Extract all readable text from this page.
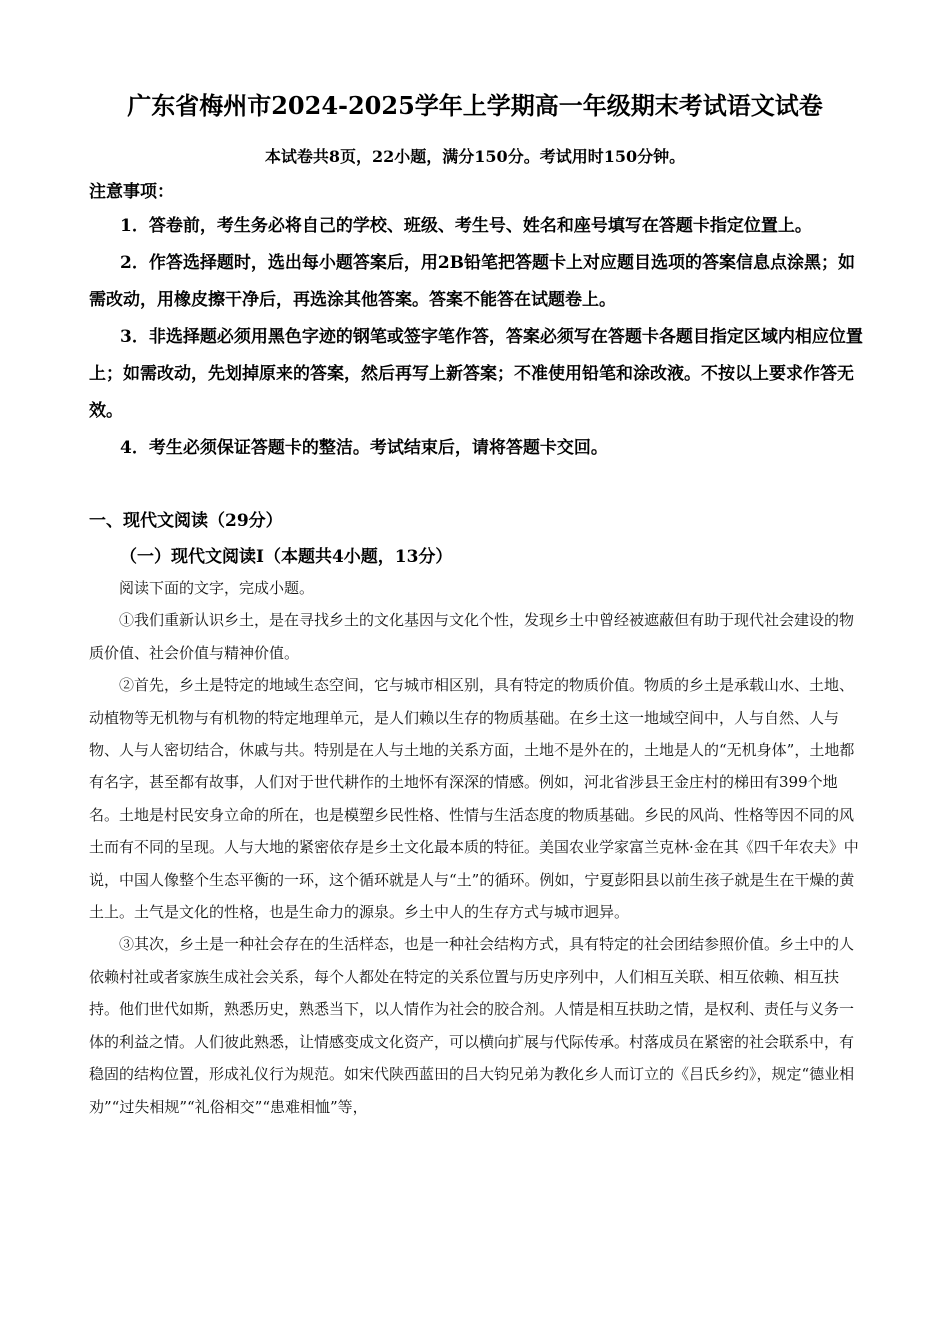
广东省梅州市2024-2025学年上学期高一年级期末考试语文试卷
本试卷共8页，22小题，满分150分。考试用时150分钟。
注意事项：

1．答卷前，考生务必将自己的学校、班级、考生号、姓名和座号填写在答题卡指定位置上。

2．作答选择题时，选出每小题答案后，用2B铅笔把答题卡上对应题目选项的答案信息点涂黑；如需改动，用橡皮擦干净后，再选涂其他答案。答案不能答在试题卷上。

3．非选择题必须用黑色字迹的钢笔或签字笔作答，答案必须写在答题卡各题目指定区域内相应位置上；如需改动，先划掉原来的答案，然后再写上新答案；不准使用铅笔和涂改液。不按以上要求作答无效。

4．考生必须保证答题卡的整洁。考试结束后，请将答题卡交回。

一、现代文阅读（29分）
（一）现代文阅读Ⅰ（本题共4小题，13分）

阅读下面的文字，完成小题。

①我们重新认识乡土，是在寻找乡土的文化基因与文化个性，发现乡土中曾经被遮蔽但有助于现代社会建设的物质价值、社会价值与精神价值。

②首先，乡土是特定的地域生态空间，它与城市相区别，具有特定的物质价值。物质的乡土是承载山水、土地、动植物等无机物与有机物的特定地理单元，是人们赖以生存的物质基础。在乡土这一地域空间中，人与自然、人与物、人与人密切结合，休戚与共。特别是在人与土地的关系方面，土地不是外在的，土地是人的“无机身体”，土地都有名字，甚至都有故事，人们对于世代耕作的土地怀有深深的情感。例如，河北省涉县王金庄村的梯田有399个地名。土地是村民安身立命的所在，也是模塑乡民性格、性情与生活态度的物质基础。乡民的风尚、性格等因不同的风土而有不同的呈现。人与大地的紧密依存是乡土文化最本质的特征。美国农业学家富兰克林·金在其《四千年农夫》中说，中国人像整个生态平衡的一环，这个循环就是人与“土”的循环。例如，宁夏彭阳县以前生孩子就是生在干燥的黄土上。土气是文化的性格，也是生命力的源泉。乡土中人的生存方式与城市迥异。

③其次，乡土是一种社会存在的生活样态，也是一种社会结构方式，具有特定的社会团结参照价值。乡土中的人依赖村社或者家族生成社会关系，每个人都处在特定的关系位置与历史序列中，人们相互关联、相互依赖、相互扶持。他们世代如斯，熟悉历史，熟悉当下，以人情作为社会的胶合剂。人情是相互扶助之情，是权利、责任与义务一体的利益之情。人们彼此熟悉，让情感变成文化资产，可以横向扩展与代际传承。村落成员在紧密的社会联系中，有稳固的结构位置，形成礼仪行为规范。如宋代陕西蓝田的吕大钧兄弟为教化乡人而订立的《吕氏乡约》，规定“德业相劝”“过失相规”“礼俗相交”“患难相恤”等，
